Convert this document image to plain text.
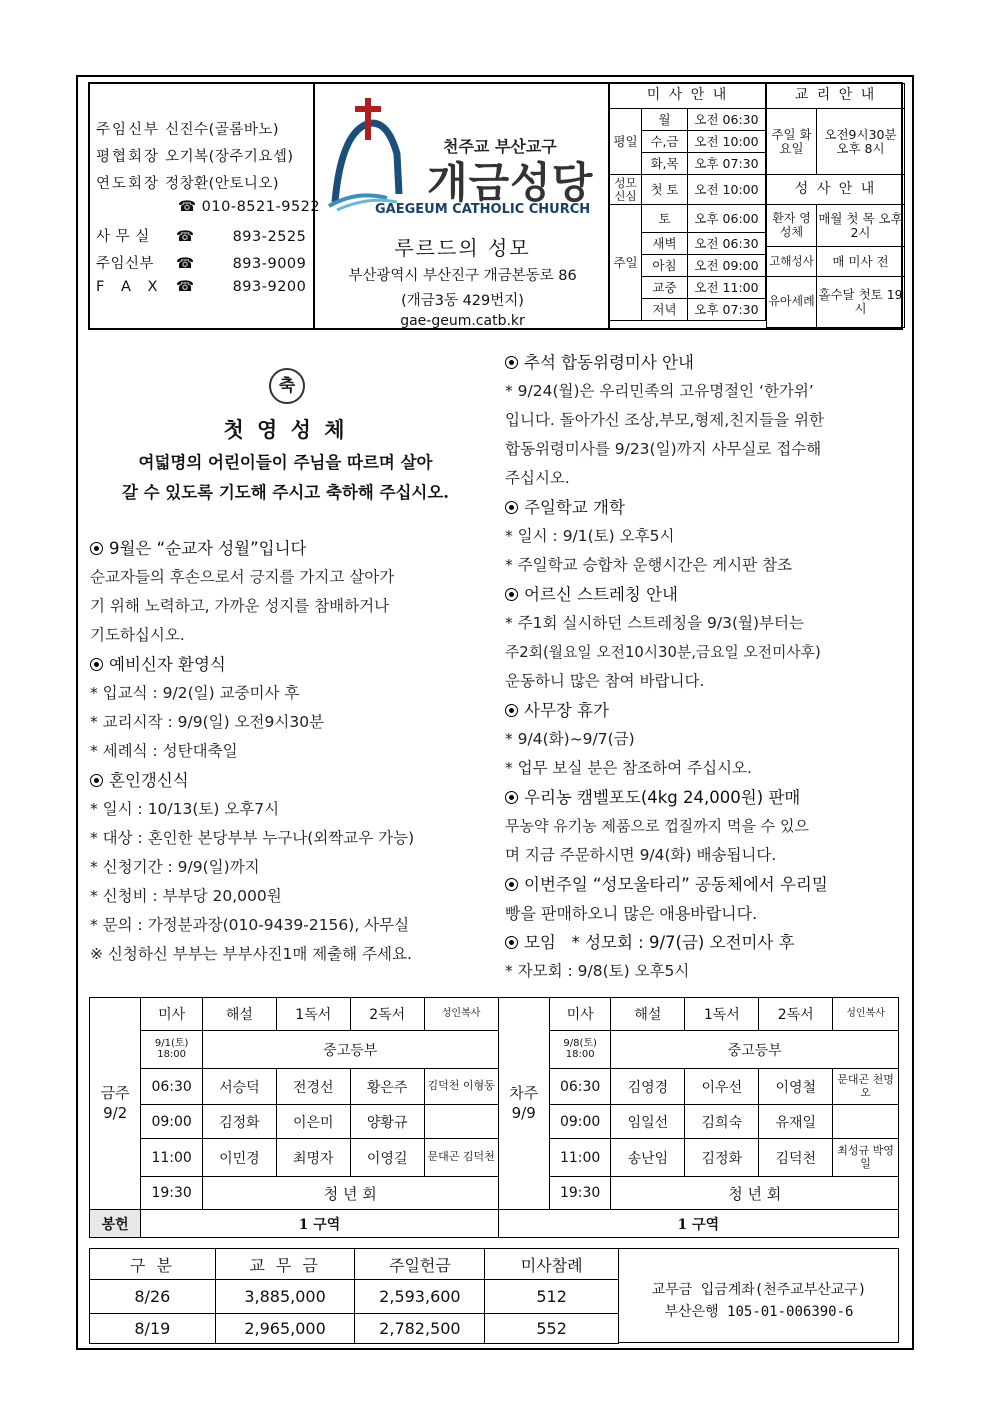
주임신부 신진수(골롬바노)
평협회장 오기복(장주기요셉)
연도회장 정창환(안토니오)
☎ 010-8521-9522
사 무 실 ☎	893-2525
주임신부 ☎	893-9009
F A X ☎	893-9200
천주교 부산교구
개금성당
GAEGEUM CATHOLIC CHURCH
루르드의 성모
부산광역시 부산진구 개금본동로 86
(개금3동 429번지)
gae-geum.catb.kr
미 사 안 내		
평일	월	오전 06:30
	수,금	오전 10:00
	화,목	오후 07:30
성모신심	첫 토	오전 10:00
주일	토	오후 06:00
	새벽	오전 06:30
	아침	오전 09:00
	교중	오전 11:00
	저녁	오후 07:30
교 리 안 내	
주일 화요일	오전9시30분 오후 8시
성 사 안 내	
환자 영성체	매월 첫 목 오후 2시
고해성사	매 미사 전
유아세례	홀수달 첫토 19시
축
첫 영 성 체
여덟명의 어린이들이 주님을 따르며 살아
갈 수 있도록 기도해 주시고 축하해 주십시오.
9월은 “순교자 성월”입니다
순교자들의 후손으로서 긍지를 가지고 살아가
기 위해 노력하고, 가까운 성지를 참배하거나
기도하십시오.
예비신자 환영식
* 입교식 : 9/2(일) 교중미사 후
* 교리시작 : 9/9(일) 오전9시30분
* 세례식 : 성탄대축일
혼인갱신식
* 일시 : 10/13(토) 오후7시
* 대상 : 혼인한 본당부부 누구나(외짝교우 가능)
* 신청기간 : 9/9(일)까지
* 신청비 : 부부당 20,000원
* 문의 : 가정분과장(010-9439-2156), 사무실
※ 신청하신 부부는 부부사진1매 제출해 주세요.
추석 합동위령미사 안내
* 9/24(월)은 우리민족의 고유명절인 ‘한가위’
입니다. 돌아가신 조상,부모,형제,친지들을 위한
합동위령미사를 9/23(일)까지 사무실로 접수해
주십시오.
주일학교 개학
* 일시 : 9/1(토) 오후5시
* 주일학교 승합차 운행시간은 게시판 참조
어르신 스트레칭 안내
* 주1회 실시하던 스트레칭을 9/3(월)부터는
주2회(월요일 오전10시30분,금요일 오전미사후)
운동하니 많은 참여 바랍니다.
사무장 휴가
* 9/4(화)~9/7(금)
* 업무 보실 분은 참조하여 주십시오.
우리농 캠벨포도(4kg 24,000원) 판매
무농약 유기농 제품으로 껍질까지 먹을 수 있으
며 지금 주문하시면 9/4(화) 배송됩니다.
이번주일 “성모울타리” 공동체에서 우리밀
빵을 판매하오니 많은 애용바랍니다.
모임   * 성모회 : 9/7(금) 오전미사 후
* 자모회 : 9/8(토) 오후5시
금주 9/2	미사	해설	1독서	2독서	성인복사	차주 9/9	미사	해설	1독서	2독서	성인복사
	9/1(토) 18:00	중고등부					9/8(토) 18:00	중고등부			
	06:30	서승덕	전경선	황은주	김덕천 이형동		06:30	김영경	이우선	이영철	문대곤 천명오
	09:00	김정화	이은미	양황규			09:00	임일선	김희숙	유재일	
	11:00	이민경	최명자	이영길	문대곤 김덕천		11:00	송난임	김정화	김덕천	최성규 박영일
	19:30	청 년 회					19:30	청 년 회			
봉헌	1 구역					1 구역					
구 분	교 무 금	주일헌금	미사참례
8/26	3,885,000	2,593,600	512
8/19	2,965,000	2,782,500	552
교무금 입금계좌(천주교부산교구)
부산은행 105-01-006390-6
